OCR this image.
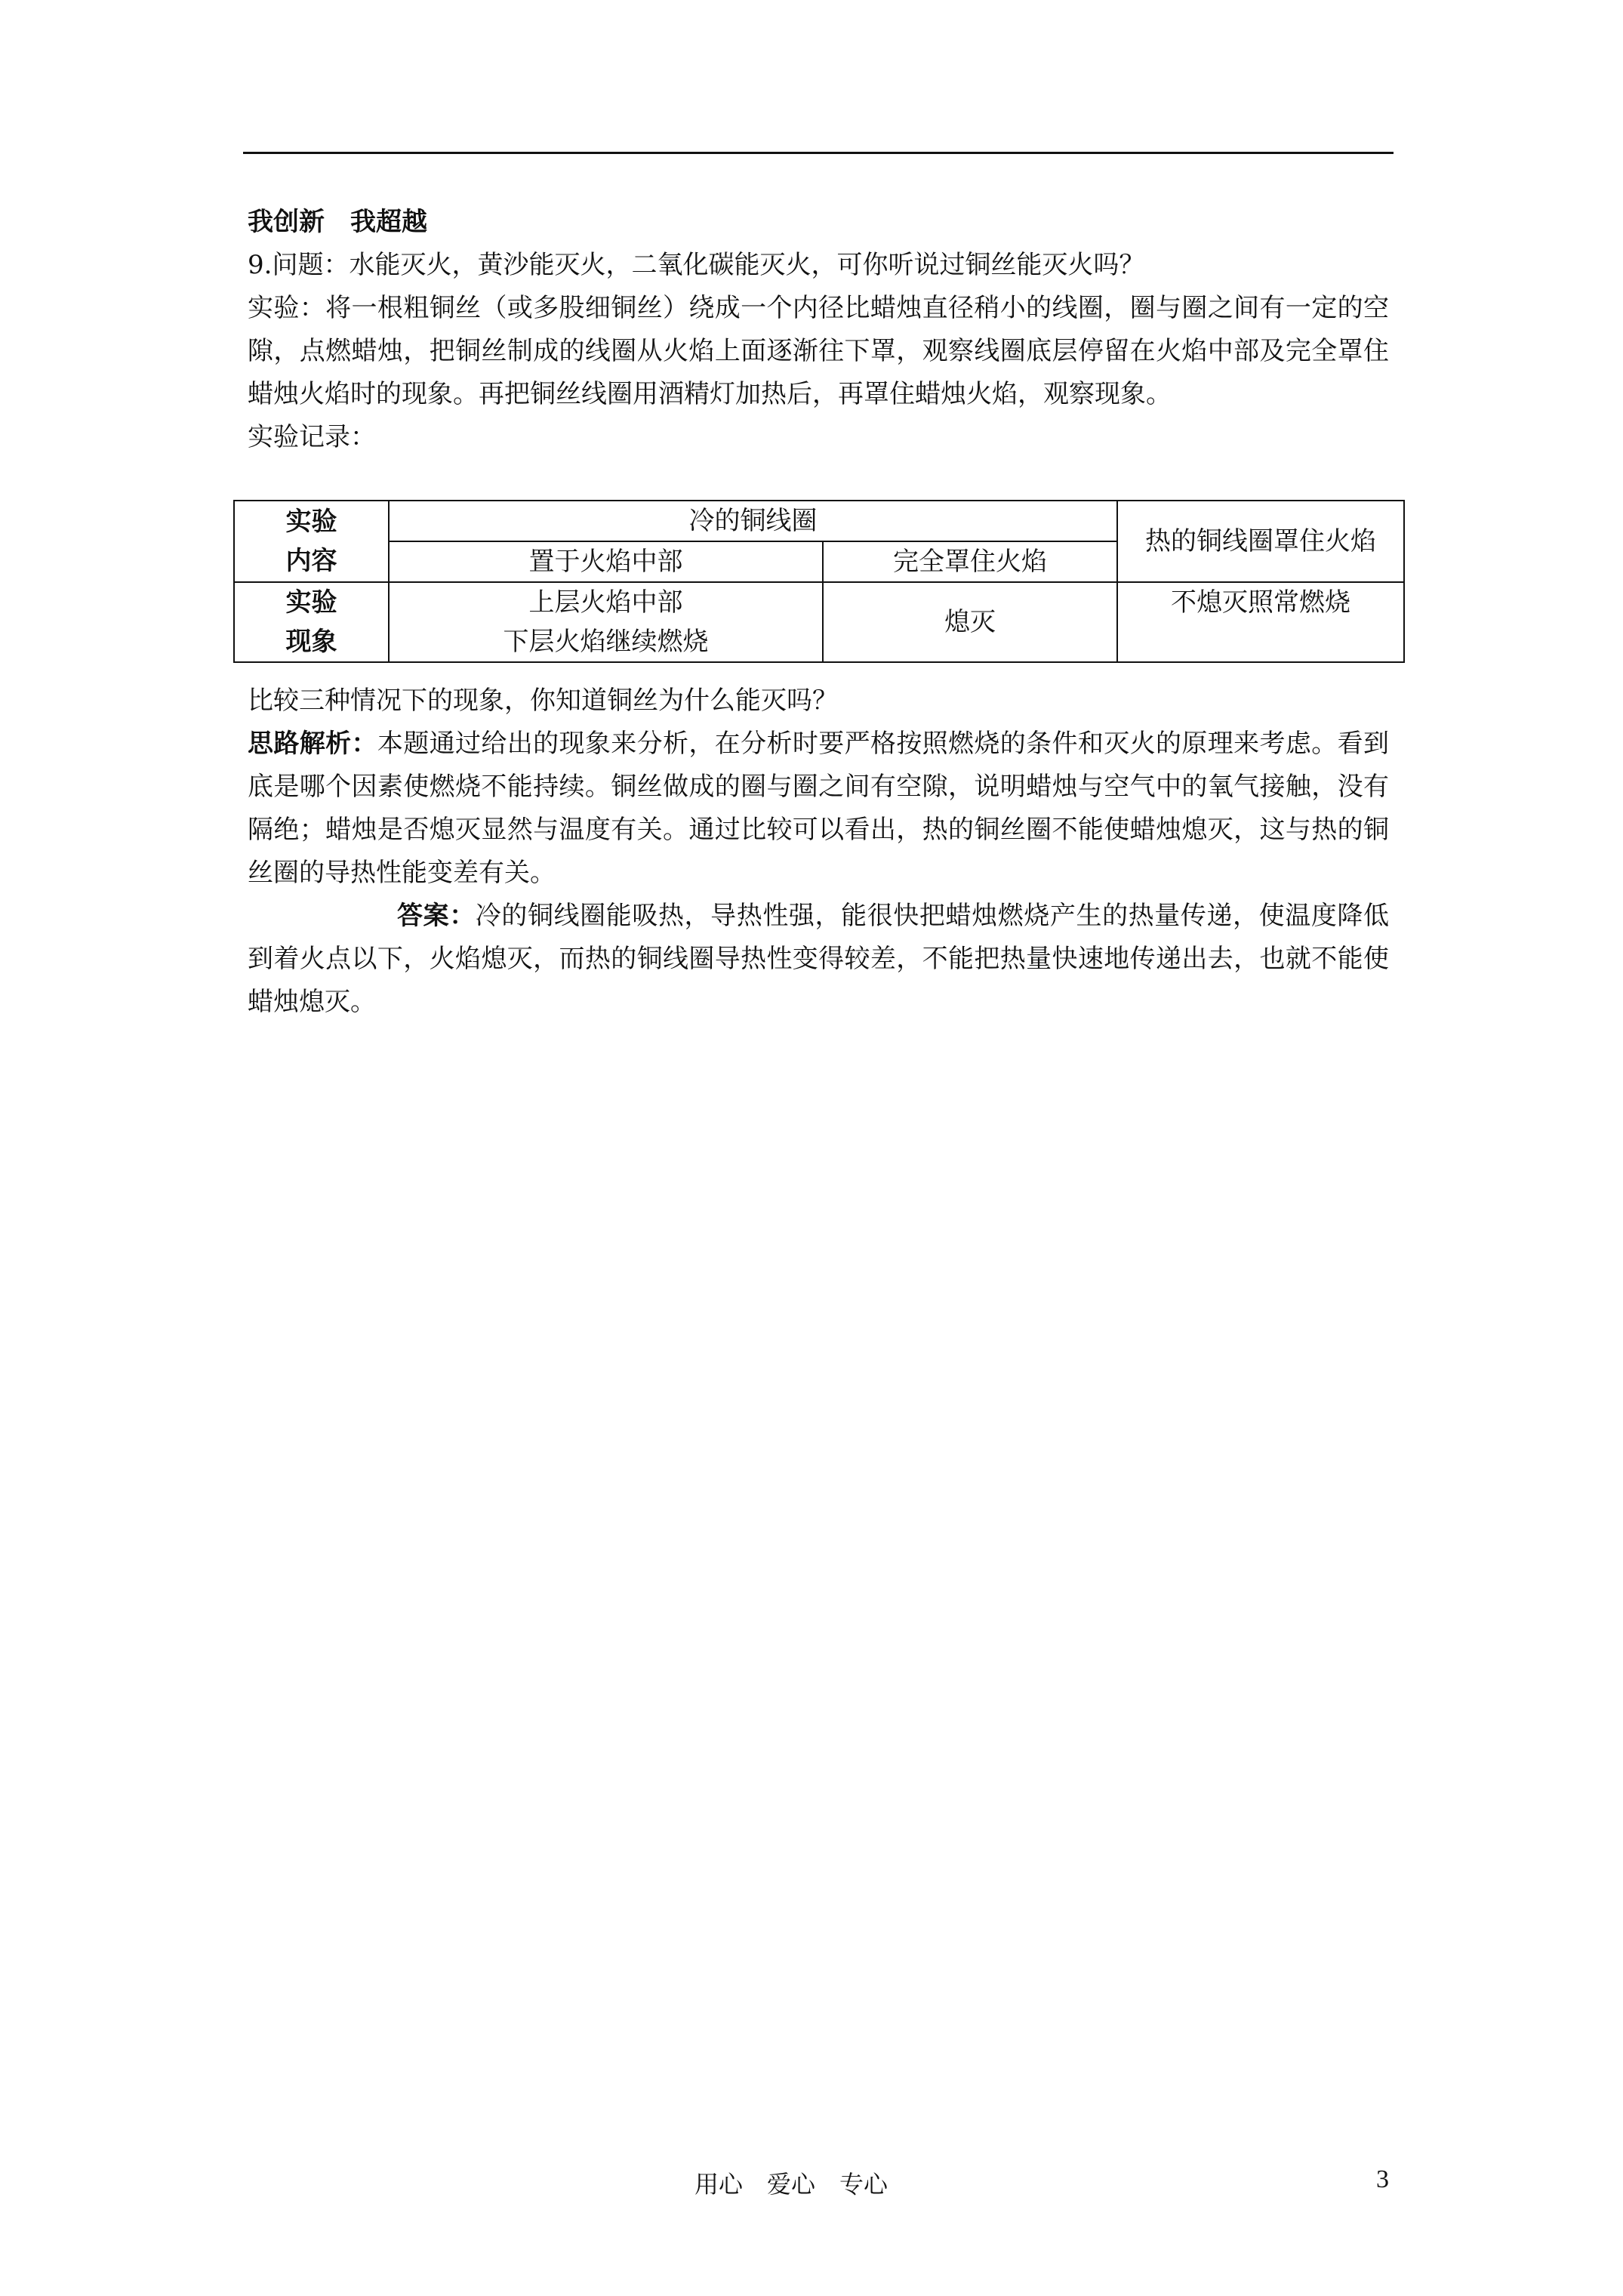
我创新 我超越

9.问题：水能灭火，黄沙能灭火，二氧化碳能灭火，可你听说过铜丝能灭火吗？

实验：将一根粗铜丝（或多股细铜丝）绕成一个内径比蜡烛直径稍小的线圈，圈与圈之间有一定的空隙，点燃蜡烛，把铜丝制成的线圈从火焰上面逐渐往下罩，观察线圈底层停留在火焰中部及完全罩住蜡烛火焰时的现象。再把铜丝线圈用酒精灯加热后，再罩住蜡烛火焰，观察现象。

实验记录：

实验
内容	冷的铜线圈		热的铜线圈罩住火焰
	置于火焰中部	完全罩住火焰	

实验
现象	上层火焰中部
下层火焰继续燃烧	熄灭	不熄灭照常燃烧

比较三种情况下的现象，你知道铜丝为什么能灭吗？

思路解析：本题通过给出的现象来分析，在分析时要严格按照燃烧的条件和灭火的原理来考虑。看到底是哪个因素使燃烧不能持续。铜丝做成的圈与圈之间有空隙，说明蜡烛与空气中的氧气接触，没有隔绝；蜡烛是否熄灭显然与温度有关。通过比较可以看出，热的铜丝圈不能使蜡烛熄灭，这与热的铜丝圈的导热性能变差有关。

答案：冷的铜线圈能吸热，导热性强，能很快把蜡烛燃烧产生的热量传递，使温度降低到着火点以下，火焰熄灭，而热的铜线圈导热性变得较差，不能把热量快速地传递出去，也就不能使蜡烛熄灭。

用心 爱心 专心	3
